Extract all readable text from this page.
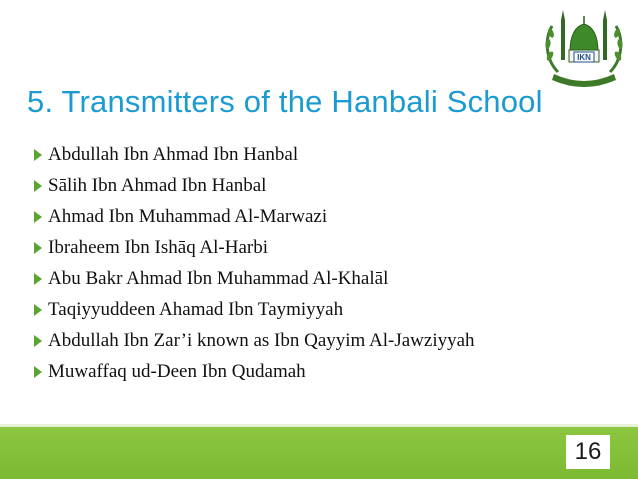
IKN
5. Transmitters of the Hanbali School
Abdullah Ibn Ahmad Ibn Hanbal
Sālih Ibn Ahmad Ibn Hanbal
Ahmad Ibn Muhammad Al-Marwazi
Ibraheem Ibn Ishāq Al-Harbi
Abu Bakr Ahmad Ibn Muhammad Al-Khalāl
Taqiyyuddeen Ahamad Ibn Taymiyyah
Abdullah Ibn Zar’i known as Ibn Qayyim Al-Jawziyyah
Muwaffaq ud-Deen Ibn Qudamah
16
